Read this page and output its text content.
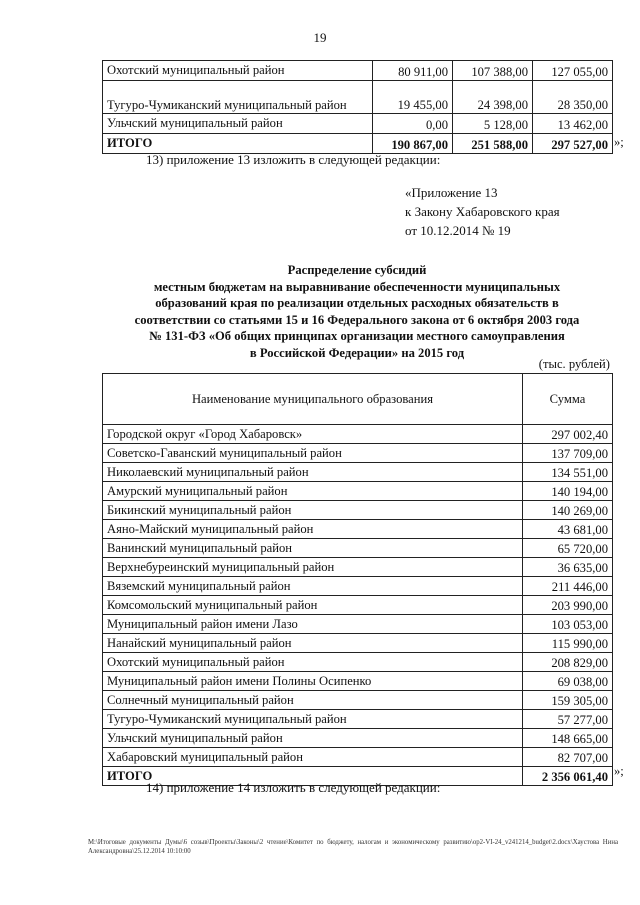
19
Охотский муниципальный район	80 911,00	107 388,00	127 055,00
Тугуро-Чумиканский муниципальный район	19 455,00	24 398,00	28 350,00
Ульчский муниципальный район	0,00	5 128,00	13 462,00
ИТОГО	190 867,00	251 588,00	297 527,00 »;
13) приложение 13 изложить в следующей редакции:
«Приложение 13
к Закону Хабаровского края
от 10.12.2014 № 19
Распределение субсидий
местным бюджетам на выравнивание обеспеченности муниципальных
образований края по реализации отдельных расходных обязательств в
соответствии со статьями 15 и 16 Федерального закона от 6 октября 2003 года
№ 131-ФЗ «Об общих принципах организации местного самоуправления
в Российской Федерации» на 2015 год
(тыс. рублей)
Наименование муниципального образования	Сумма
Городской округ «Город Хабаровск»	297 002,40
Советско-Гаванский муниципальный район	137 709,00
Николаевский муниципальный район	134 551,00
Амурский муниципальный район	140 194,00
Бикинский муниципальный район	140 269,00
Аяно-Майский муниципальный район	43 681,00
Ванинский муниципальный район	65 720,00
Верхнебуреинский муниципальный район	36 635,00
Вяземский муниципальный район	211 446,00
Комсомольский муниципальный район	203 990,00
Муниципальный район имени Лазо	103 053,00
Нанайский муниципальный район	115 990,00
Охотский муниципальный район	208 829,00
Муниципальный район имени Полины Осипенко	69 038,00
Солнечный муниципальный район	159 305,00
Тугуро-Чумиканский муниципальный район	57 277,00
Ульчский муниципальный район	148 665,00
Хабаровский муниципальный район	82 707,00
ИТОГО	2 356 061,40 »;
14) приложение 14 изложить в следующей редакции:
M:\Итоговые документы Думы\6 созыв\Проекты\Законы\2 чтение\Комитет по бюджету, налогам и экономическому развитию\ор2-VI-24_v241214_budget\2.docx\Хаустова Нина Александровна\25.12.2014 10:10:00
